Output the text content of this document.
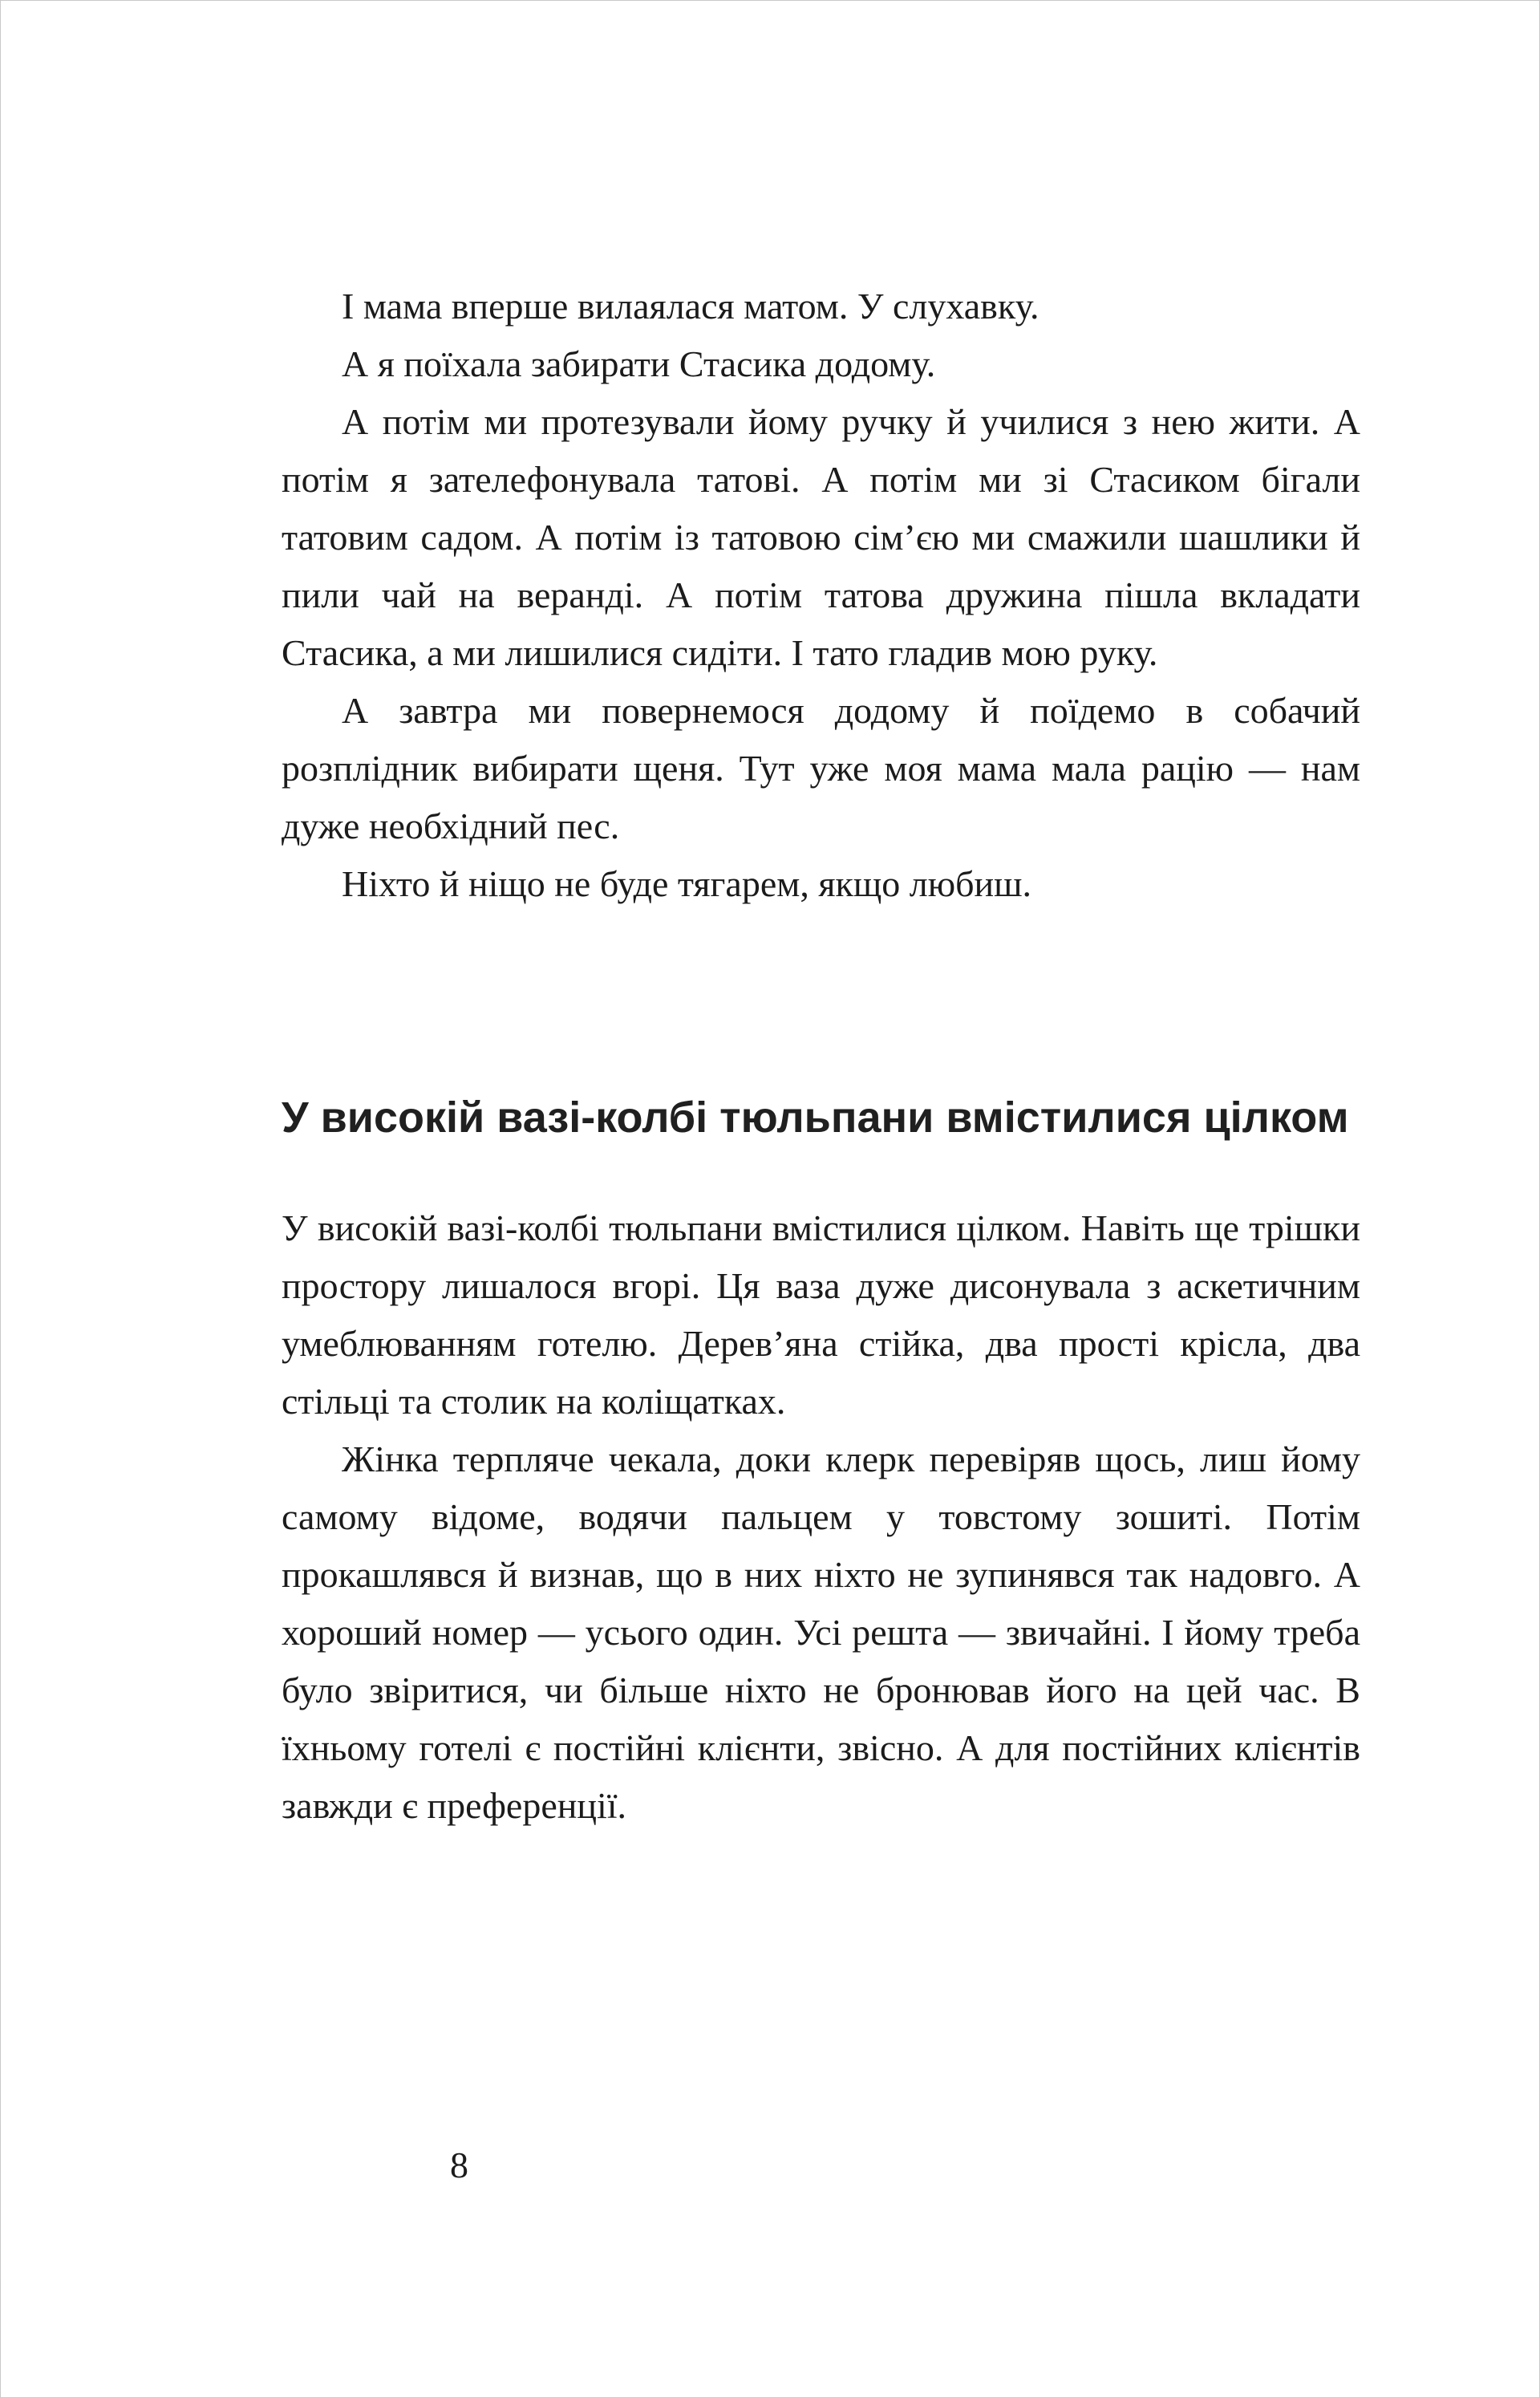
І мама вперше вилаялася матом. У слухавку.

А я поїхала забирати Стасика додому.

А потім ми протезували йому ручку й училися з нею жити. А потім я зателефонувала татові. А потім ми зі Стасиком бігали татовим садом. А потім із татовою сім’єю ми смажили шашлики й пили чай на веранді. А потім татова дружина пішла вкладати Стасика, а ми лишилися сидіти. І тато гладив мою руку.

А завтра ми повернемося додому й поїдемо в собачий розплідник вибирати щеня. Тут уже моя мама мала рацію — нам дуже необхідний пес.

Ніхто й ніщо не буде тягарем, якщо любиш.

У високій вазі-колбі тюльпани вмістилися цілком

У високій вазі-колбі тюльпани вмістилися цілком. Навіть ще трішки простору лишалося вгорі. Ця ваза дуже дисонувала з аскетичним умеблюванням готелю. Дерев’яна стійка, два прості крісла, два стільці та столик на коліщатках.

Жінка терпляче чекала, доки клерк перевіряв щось, лиш йому самому відоме, водячи пальцем у товстому зошиті. Потім прокашлявся й визнав, що в них ніхто не зупинявся так надовго. А хороший номер — усього один. Усі решта — звичайні. І йому треба було звіритися, чи більше ніхто не бронював його на цей час. В їхньому готелі є постійні клієнти, звісно. А для постійних клієнтів завжди є преференції.

8
